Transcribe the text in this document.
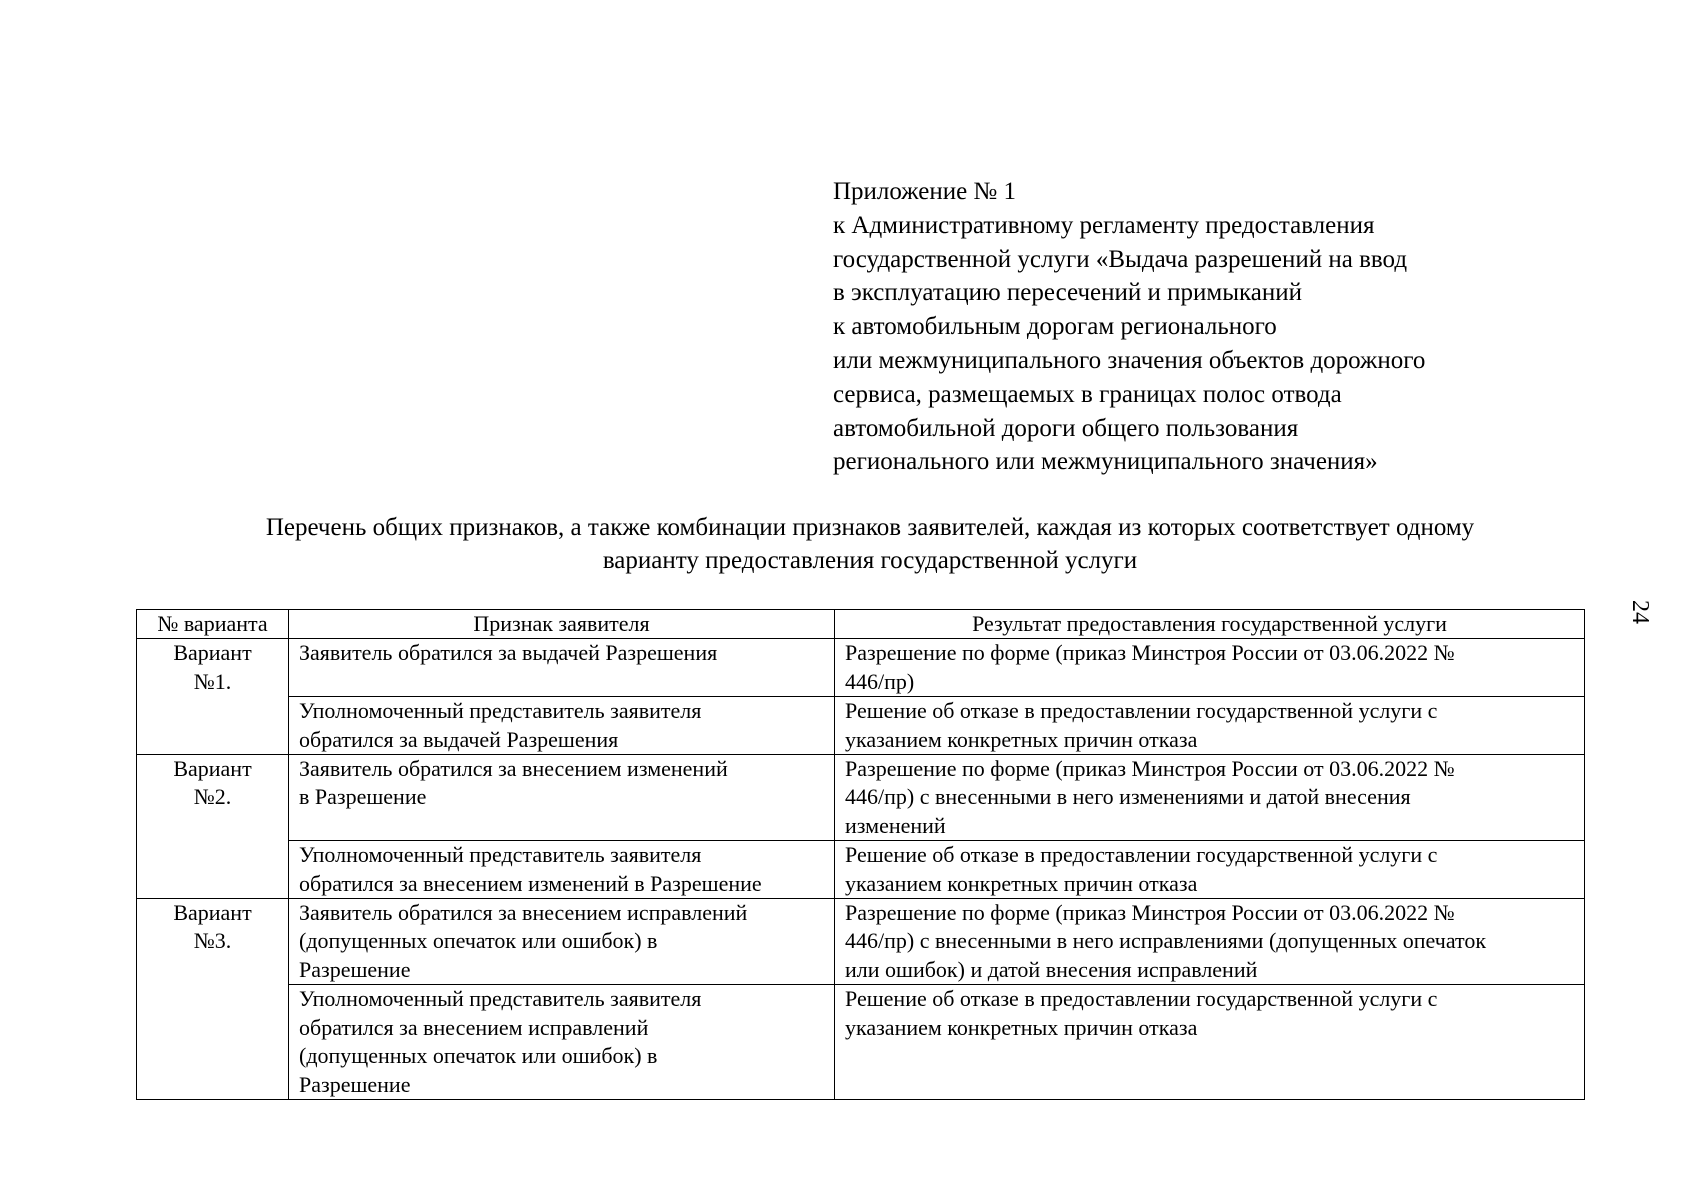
Приложение № 1
к Административному регламенту предоставления
государственной услуги «Выдача разрешений на ввод
в эксплуатацию пересечений и примыканий
к автомобильным дорогам регионального
или межмуниципального значения объектов дорожного
сервиса, размещаемых в границах полос отвода
автомобильной дороги общего пользования
регионального или межмуниципального значения»
Перечень общих признаков, а также комбинации признаков заявителей, каждая из которых соответствует одному
варианту предоставления государственной услуги
24
№ варианта	Признак заявителя	Результат предоставления государственной услуги

Вариант
№1.	Заявитель обратился за выдачей Разрешения	Разрешение по форме (приказ Минстроя России от 03.06.2022 №
446/пр)

	Уполномоченный представитель заявителя
обратился за выдачей Разрешения	Решение об отказе в предоставлении государственной услуги с
указанием конкретных причин отказа

Вариант
№2.	Заявитель обратился за внесением изменений
в Разрешение	Разрешение по форме (приказ Минстроя России от 03.06.2022 №
446/пр) с внесенными в него изменениями и датой внесения
изменений

	Уполномоченный представитель заявителя
обратился за внесением изменений в Разрешение	Решение об отказе в предоставлении государственной услуги с
указанием конкретных причин отказа

Вариант
№3.	Заявитель обратился за внесением исправлений
(допущенных опечаток или ошибок) в
Разрешение	Разрешение по форме (приказ Минстроя России от 03.06.2022 №
446/пр) с внесенными в него исправлениями (допущенных опечаток
или ошибок) и датой внесения исправлений

	Уполномоченный представитель заявителя
обратился за внесением исправлений
(допущенных опечаток или ошибок) в
Разрешение	Решение об отказе в предоставлении государственной услуги с
указанием конкретных причин отказа
